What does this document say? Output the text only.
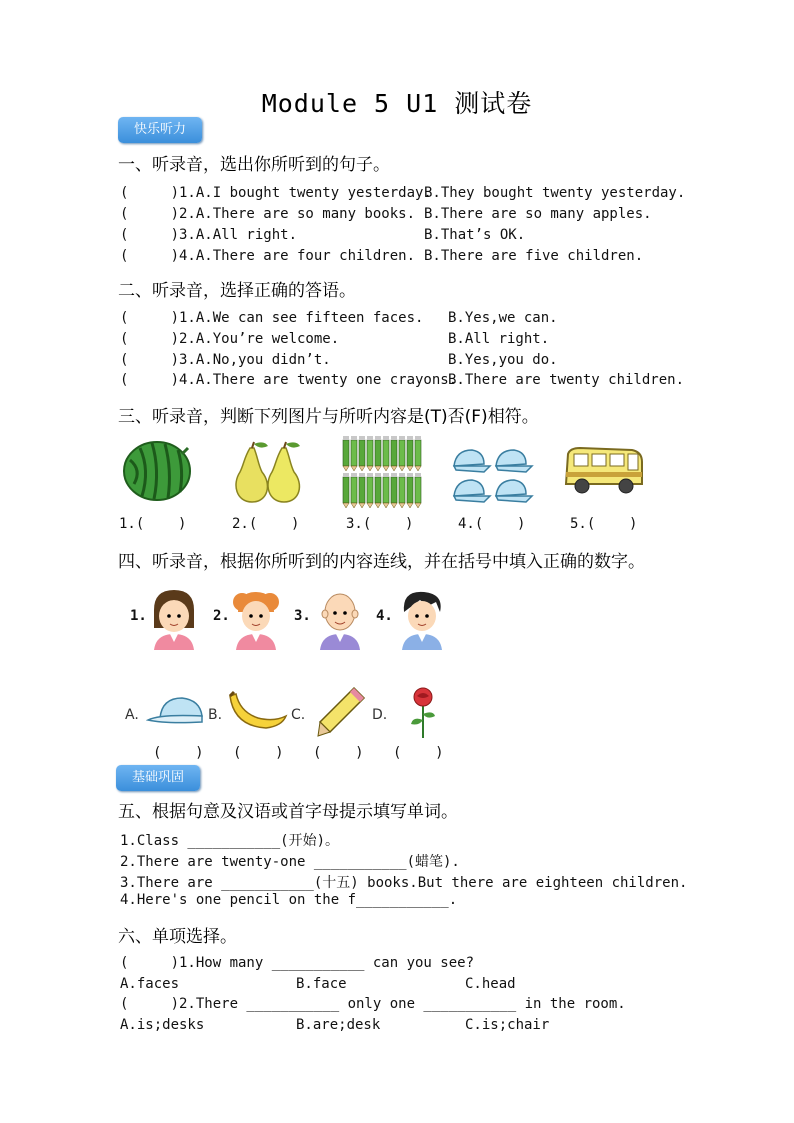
Module 5 U1 测试卷
快乐听力
一、听录音，选出你所听到的句子。
(     )1.A.I bought twenty yesterday.
B.They bought twenty yesterday.
(     )2.A.There are so many books. B.There are so many apples.
(     )3.A.All right.	B.That’s OK.
(     )4.A.There are four children. B.There are five children.
二、听录音，选择正确的答语。
(     )1.A.We can see fifteen faces. B.Yes,we can.
(     )2.A.You’re welcome.	B.All right.
(     )3.A.No,you didn’t.	B.Yes,you do.
(     )4.A.There are twenty one crayons.
B.There are twenty children.
三、听录音，判断下列图片与所听内容是(T)否(F)相符。
1.(    )	2.(    )	3.(    )	4.(    )	5.(    )
四、听录音，根据你所听到的内容连线，并在括号中填入正确的数字。
1.	2.	3.	4.
A.	B.	C.	D.
(    ) (    ) (    ) (    )
基础巩固
五、根据句意及汉语或首字母提示填写单词。
1.Class ___________(开始)。
2.There are twenty-one ___________(蜡笔).
3.There are ___________(十五) books.But there are eighteen children.
4.Here's one pencil on the f___________.
六、单项选择。
(     )1.How many ___________ can you see?
A.faces	B.face	C.head
(     )2.There ___________ only one ___________ in the room.
A.is;desks	B.are;desk	C.is;chair
